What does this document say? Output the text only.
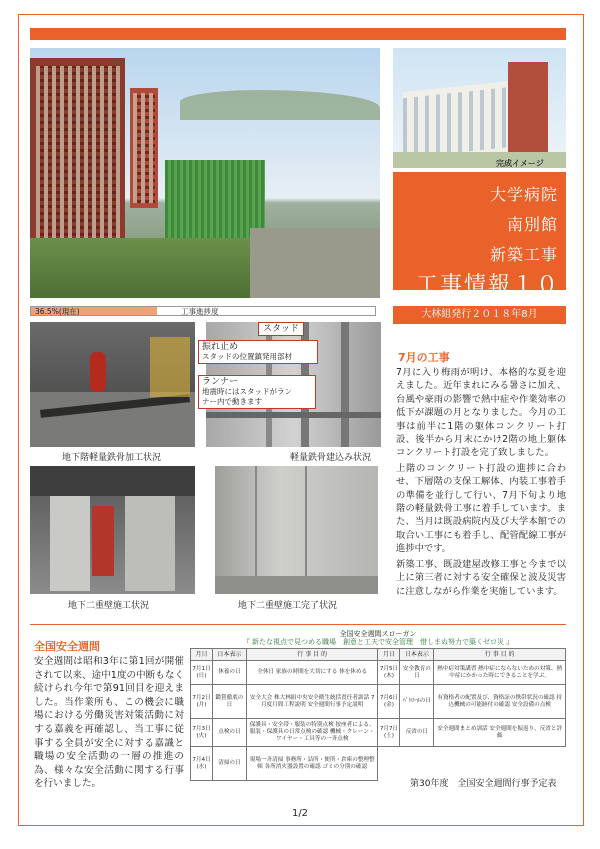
完成イメージ
大学病院
南別館
新築工事
工事情報１０
大林組発行２０１８年8月
36.5%(現在)	工事進捗度
地下階軽量鉄骨加工状況	軽量鉄骨建込み状況
スタッド
振れ止め
スタッドの位置鎮発用部材
ランナー
地震時にはスタッドがラン
ナー内で動きます
地下二重壁施工状況	地下二重壁施工完了状況
7月の工事

7月に入り梅雨が明け、本格的な夏を迎えました。近年まれにみる暑さに加え、台風や豪雨の影響で熱中症や作業効率の低下が課題の月となりました。今月の工事は前半に1階の躯体コンクリート打設、後半から月末にかけ2階の地上躯体コンクリート打設を完了致しました。

上階のコンクリート打設の進捗に合わせ、下層階の支保工解体、内装工事着手の準備を並行して行い、7月下旬より地階の軽量鉄骨工事に着手しています。また、当月は既設病院内及び大学本館での取合い工事にも着手し、配管配線工事が進捗中です。

新築工事、既設建屋改修工事と今まで以上に第三者に対する安全確保と波及災害に注意しながら作業を実施しています。

全国安全週間
安全週間は昭和3年に第1回が開催されて以来、途中1度の中断もなく続けられ今年で第91回目を迎えました。当作業所も、この機会に職場における労働災害対策活動に対する嘉義を再確認し、当工事に従事する全員が安全に対する嘉識と職場の安全活動の一層の推進の為、様々な安全活動に関する行事を行いました。
全国安全週間スローガン
『 新たな視点で見つめる職場　創意と工夫で安全管理　惜しまぬ努力で築くゼロ災 』
月日	日本表示	行 事 目 的	月日	日本表示	行 事 目 的
7月1日(日)	休養の日	全休日 家族の時間を大切にする 体を休める	7月5日(木)	安全教育の日	熱中症対策講習 熱中症にならないための対策、熱中症にかかった時にできることを学ぶ。
7月2日(月)	鑑賞徹底の日	安全大会 株大林組中央安全衛生統括責任者訓話 7月度月間工程説明 安全週間行事予定説明	7月6日(金)	ﾊﾟﾄﾛｰﾙの日	有資格者の配置及び、資格証の携帯状況の確認 持込機械の可能跡付の確認 安全設備の点検
7月3日(火)	点検の日	保護具・安全帯・服装の特別点検 按座者による、服装・保護具の日常点検の確認 機械・クレーン・ワイヤー・工具等の一斉点検	7月7日(土)	反省の日	安全週間まとめ訓話 安全週間を振返り、反省と評価
7月4日(水)	清掃の日	現場一斉清掃 事務所・詰所・便所・倉庫の整理整頓 各所消火器設置の確認 ゴミの分別の確認			
第30年度　全国安全週間行事予定表
1/2
